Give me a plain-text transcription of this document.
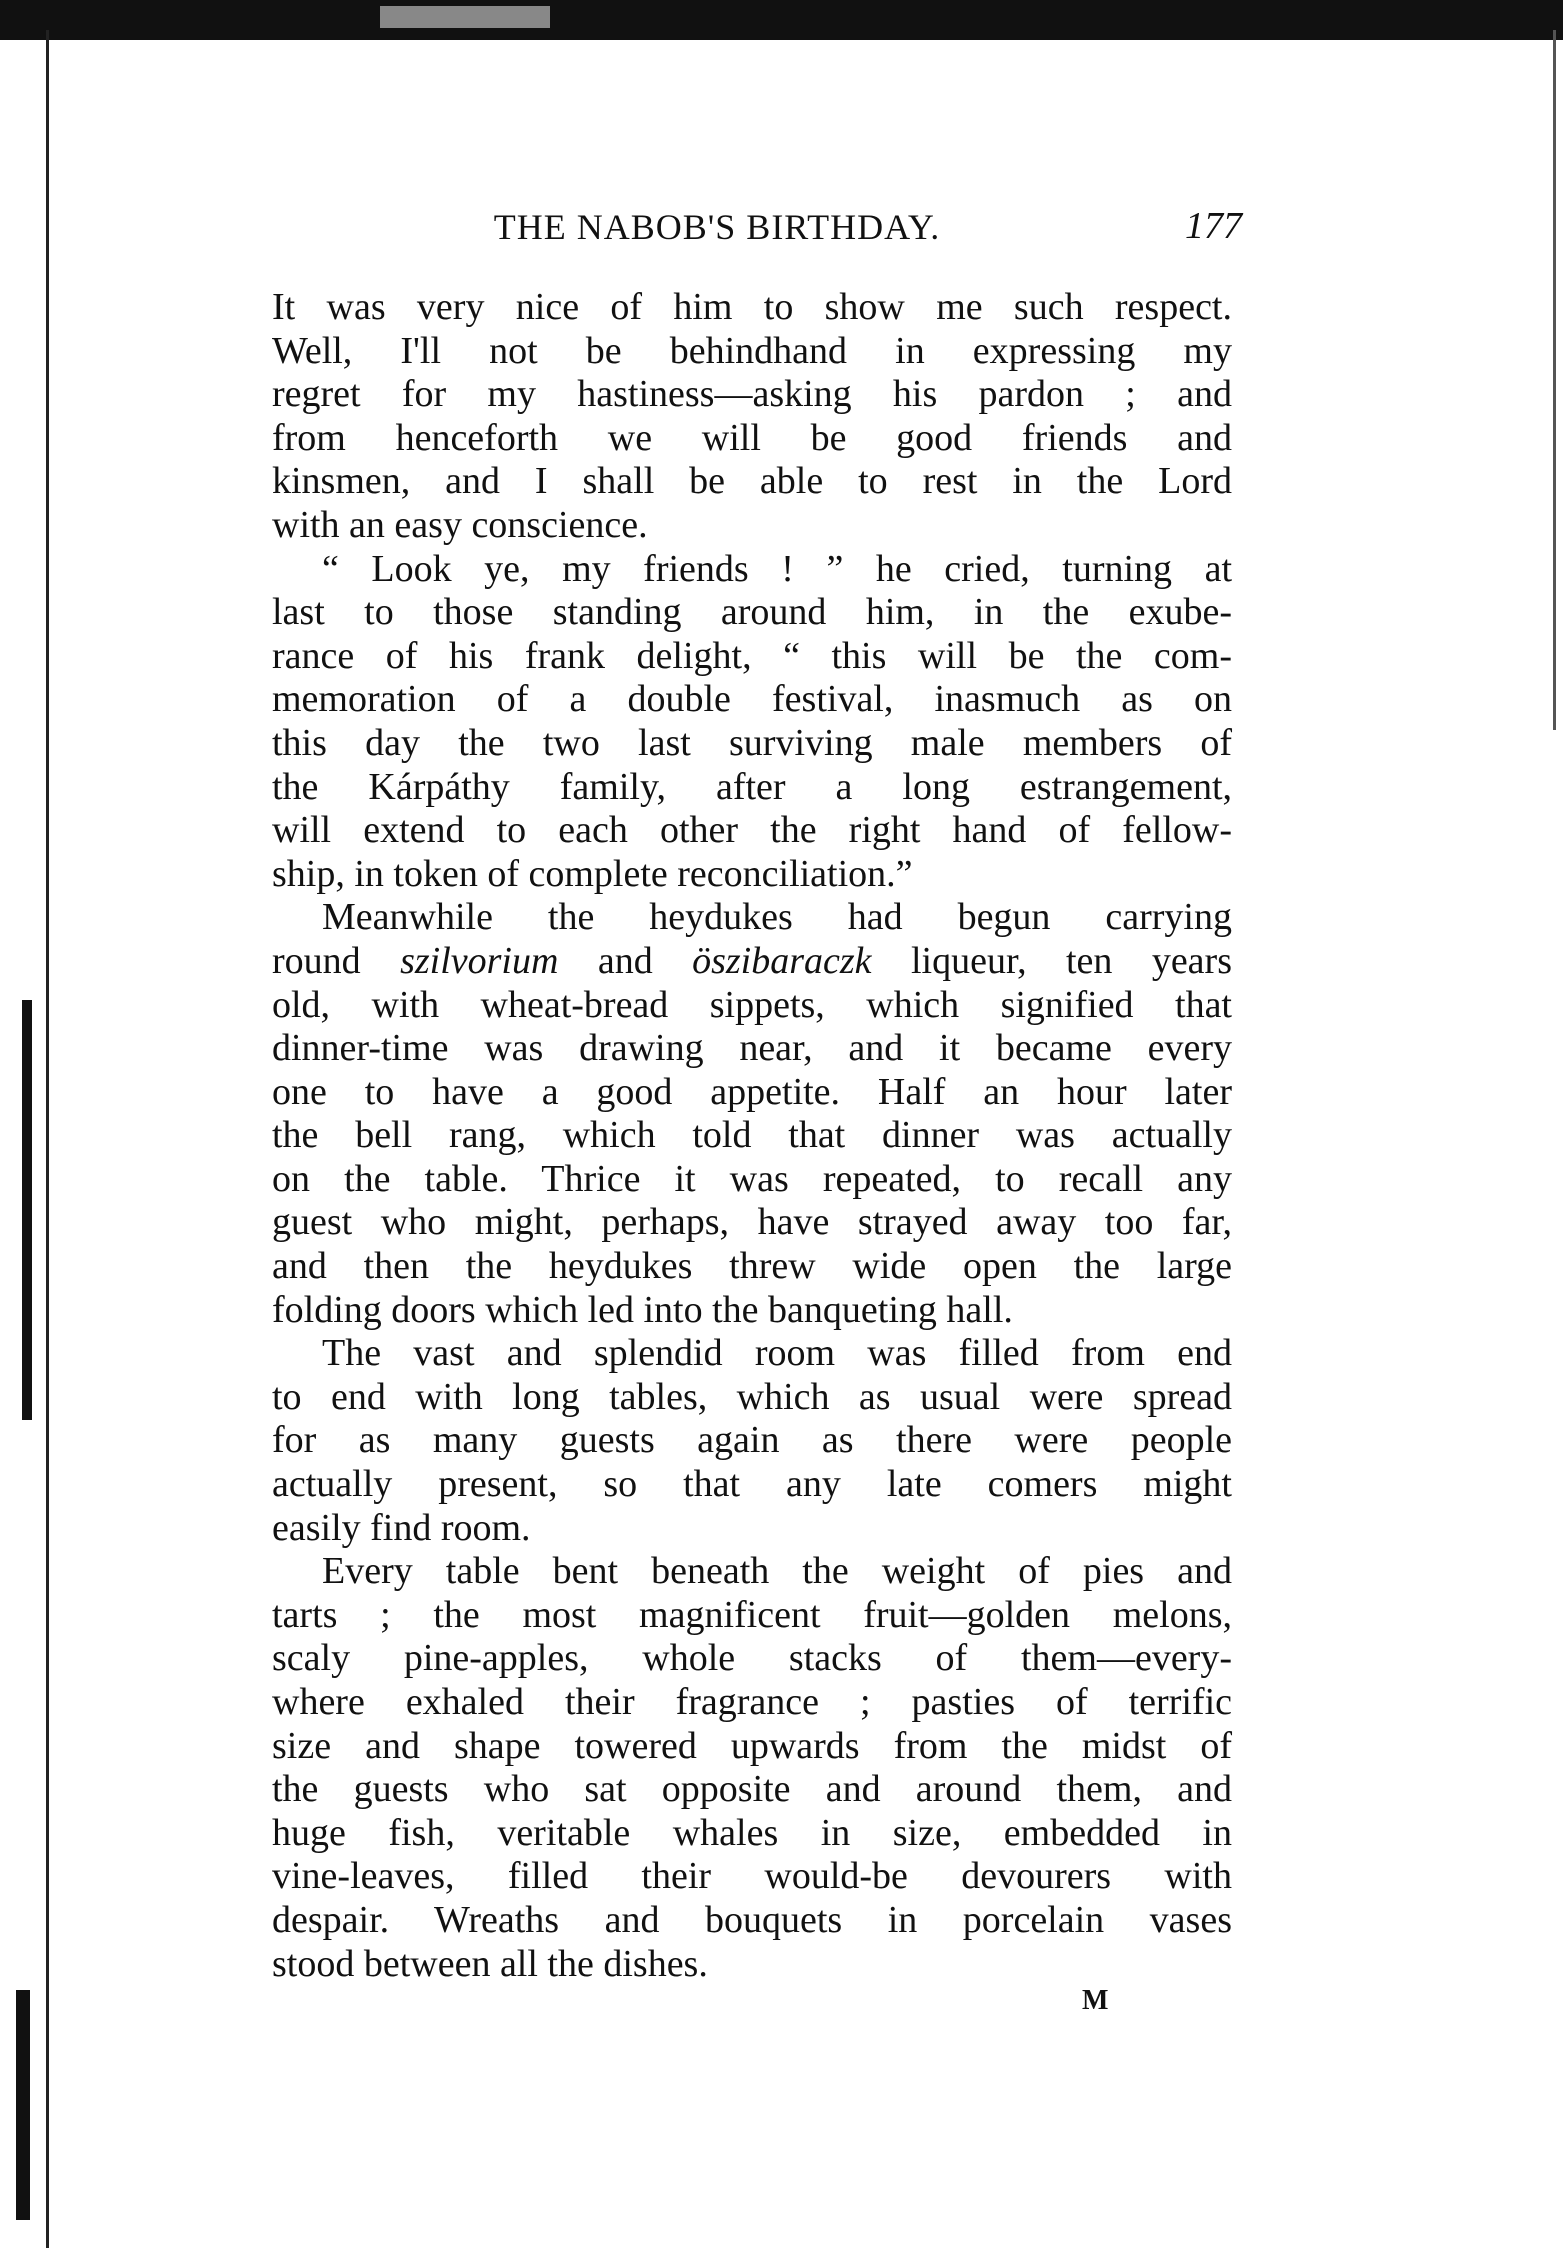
THE NABOB'S BIRTHDAY.	177
It was very nice of him to show me such respect.
Well, I'll not be behindhand in expressing my
regret for my hastiness—asking his pardon ; and
from henceforth we will be good friends and
kinsmen, and I shall be able to rest in the Lord
with an easy conscience.
“ Look ye, my friends ! ” he cried, turning at
last to those standing around him, in the exube-
rance of his frank delight, “ this will be the com-
memoration of a double festival, inasmuch as on
this day the two last surviving male members of
the Kárpáthy family, after a long estrangement,
will extend to each other the right hand of fellow-
ship, in token of complete reconciliation.”
Meanwhile the heydukes had begun carrying
round szilvorium and öszibaraczk liqueur, ten years
old, with wheat-bread sippets, which signified that
dinner-time was drawing near, and it became every
one to have a good appetite. Half an hour later
the bell rang, which told that dinner was actually
on the table. Thrice it was repeated, to recall any
guest who might, perhaps, have strayed away too far,
and then the heydukes threw wide open the large
folding doors which led into the banqueting hall.
The vast and splendid room was filled from end
to end with long tables, which as usual were spread
for as many guests again as there were people
actually present, so that any late comers might
easily find room.
Every table bent beneath the weight of pies and
tarts ; the most magnificent fruit—golden melons,
scaly pine-apples, whole stacks of them—every-
where exhaled their fragrance ; pasties of terrific
size and shape towered upwards from the midst of
the guests who sat opposite and around them, and
huge fish, veritable whales in size, embedded in
vine-leaves, filled their would-be devourers with
despair. Wreaths and bouquets in porcelain vases
stood between all the dishes.
M
